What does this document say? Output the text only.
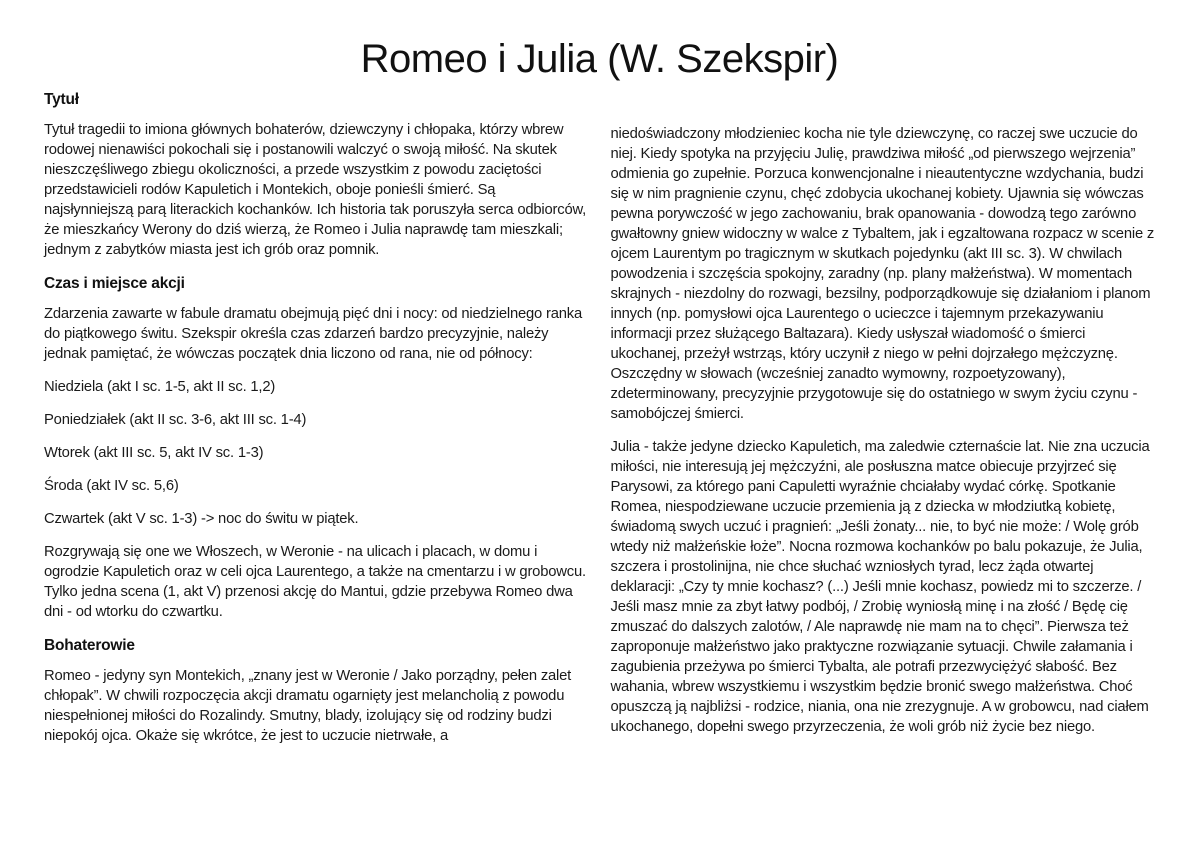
Romeo i Julia (W. Szekspir)
Tytuł

Tytuł tragedii to imiona głównych bohaterów, dziewczyny i chłopaka, którzy wbrew rodowej nienawiści pokochali się i postanowili walczyć o swoją miłość. Na skutek nieszczęśliwego zbiegu okoliczności, a przede wszystkim z powodu zaciętości przedstawicieli rodów Kapuletich i Montekich, oboje ponieśli śmierć. Są najsłynniejszą parą literackich kochanków. Ich historia tak poruszyła serca odbiorców, że mieszkańcy Werony do dziś wierzą, że Romeo i Julia naprawdę tam mieszkali; jednym z zabytków miasta jest ich grób oraz pomnik.

Czas i miejsce akcji

Zdarzenia zawarte w fabule dramatu obejmują pięć dni i nocy: od niedzielnego ranka do piątkowego świtu. Szekspir określa czas zdarzeń bardzo precyzyjnie, należy jednak pamiętać, że wówczas początek dnia liczono od rana, nie od północy:

Niedziela (akt I sc. 1-5, akt II sc. 1,2)

Poniedziałek (akt II sc. 3-6, akt III sc. 1-4)

Wtorek (akt III sc. 5, akt IV sc. 1-3)

Środa (akt IV sc. 5,6)

Czwartek (akt V sc. 1-3) -> noc do świtu w piątek.

Rozgrywają się one we Włoszech, w Weronie - na ulicach i placach, w domu i ogrodzie Kapuletich oraz w celi ojca Laurentego, a także na cmentarzu i w grobowcu. Tylko jedna scena (1, akt V) przenosi akcję do Mantui, gdzie przebywa Romeo dwa dni - od wtorku do czwartku.

Bohaterowie

Romeo - jedyny syn Montekich, „znany jest w Weronie / Jako porządny, pełen zalet chłopak”. W chwili rozpoczęcia akcji dramatu ogarnięty jest melancholią z powodu niespełnionej miłości do Rozalindy. Smutny, blady, izolujący się od rodziny budzi niepokój ojca. Okaże się wkrótce, że jest to uczucie nietrwałe, a

niedoświadczony młodzieniec kocha nie tyle dziewczynę, co raczej swe uczucie do niej. Kiedy spotyka na przyjęciu Julię, prawdziwa miłość „od pierwszego wejrzenia” odmienia go zupełnie. Porzuca konwencjonalne i nieautentyczne wzdychania, budzi się w nim pragnienie czynu, chęć zdobycia ukochanej kobiety. Ujawnia się wówczas pewna porywczość w jego zachowaniu, brak opanowania - dowodzą tego zarówno gwałtowny gniew widoczny w walce z Tybaltem, jak i egzaltowana rozpacz w scenie z ojcem Laurentym po tragicznym w skutkach pojedynku (akt III sc. 3). W chwilach powodzenia i szczęścia spokojny, zaradny (np. plany małżeństwa). W momentach skrajnych - niezdolny do rozwagi, bezsilny, podporządkowuje się działaniom i planom innych (np. pomysłowi ojca Laurentego o ucieczce i tajemnym przekazywaniu informacji przez służącego Baltazara). Kiedy usłyszał wiadomość o śmierci ukochanej, przeżył wstrząs, który uczynił z niego w pełni dojrzałego mężczyznę. Oszczędny w słowach (wcześniej zanadto wymowny, rozpoetyzowany), zdeterminowany, precyzyjnie przygotowuje się do ostatniego w swym życiu czynu - samobójczej śmierci.

Julia - także jedyne dziecko Kapuletich, ma zaledwie czternaście lat. Nie zna uczucia miłości, nie interesują jej mężczyźni, ale posłuszna matce obiecuje przyjrzeć się Parysowi, za którego pani Capuletti wyraźnie chciałaby wydać córkę. Spotkanie Romea, niespodziewane uczucie przemienia ją z dziecka w młodziutką kobietę, świadomą swych uczuć i pragnień: „Jeśli żonaty... nie, to być nie może: / Wolę grób wtedy niż małżeńskie łoże”. Nocna rozmowa kochanków po balu pokazuje, że Julia, szczera i prostolinijna, nie chce słuchać wzniosłych tyrad, lecz żąda otwartej deklaracji: „Czy ty mnie kochasz? (...) Jeśli mnie kochasz, powiedz mi to szczerze. / Jeśli masz mnie za zbyt łatwy podbój, / Zrobię wyniosłą minę i na złość / Będę cię zmuszać do dalszych zalotów, / Ale naprawdę nie mam na to chęci”. Pierwsza też zaproponuje małżeństwo jako praktyczne rozwiązanie sytuacji. Chwile załamania i zagubienia przeżywa po śmierci Tybalta, ale potrafi przezwyciężyć słabość. Bez wahania, wbrew wszystkiemu i wszystkim będzie bronić swego małżeństwa. Choć opuszczą ją najbliżsi - rodzice, niania, ona nie zrezygnuje. A w grobowcu, nad ciałem ukochanego, dopełni swego przyrzeczenia, że woli grób niż życie bez niego.
